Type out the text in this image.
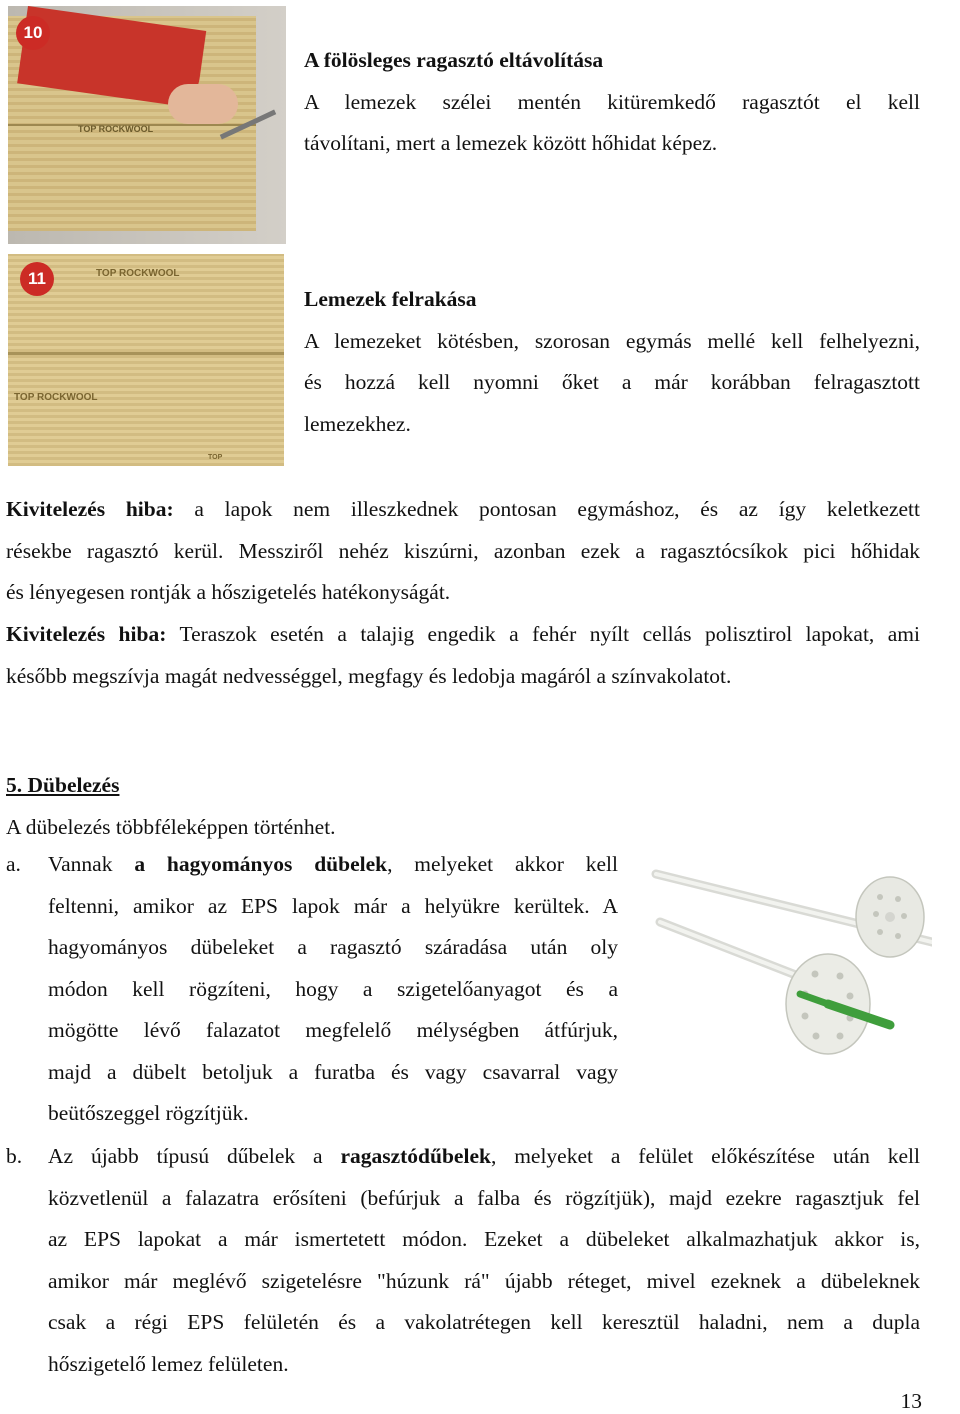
TOP ROCKWOOL
10
TOP ROCKWOOL
TOP ROCKWOOL
TOP
11
A fölösleges ragasztó eltávolítása
A lemezek szélei mentén kitüremkedő ragasztót el kell
távolítani, mert a lemezek között hőhidat képez.
Lemezek felrakása
A lemezeket kötésben, szorosan egymás mellé kell felhelyezni,
és hozzá kell nyomni őket a már korábban felragasztott
lemezekhez.
Kivitelezés hiba: a lapok nem illeszkednek pontosan egymáshoz, és az így keletkezett
résekbe ragasztó kerül. Messziről nehéz kiszúrni, azonban ezek a ragasztócsíkok pici hőhidak
és lényegesen rontják a hőszigetelés hatékonyságát.
Kivitelezés hiba: Teraszok esetén a talajig engedik a fehér nyílt cellás polisztirol lapokat, ami
később megszívja magát nedvességgel, megfagy és ledobja magáról a színvakolatot.
5. Dübelezés
A dübelezés többféleképpen történhet.
a. Vannak a hagyományos dübelek, melyeket akkor kell
feltenni, amikor az EPS lapok már a helyükre kerültek. A
hagyományos dübeleket a ragasztó száradása után oly
módon kell rögzíteni, hogy a szigetelőanyagot és a
mögötte lévő falazatot megfelelő mélységben átfúrjuk,
majd a dübelt betoljuk a furatba és vagy csavarral vagy
beütőszeggel rögzítjük.
b. Az újabb típusú dűbelek a ragasztódűbelek, melyeket a felület előkészítése után kell
közvetlenül a falazatra erősíteni (befúrjuk a falba és rögzítjük), majd ezekre ragasztjuk fel
az EPS lapokat a már ismertetett módon. Ezeket a dübeleket alkalmazhatjuk akkor is,
amikor már meglévő szigetelésre "húzunk rá" újabb réteget, mivel ezeknek a dübeleknek
csak a régi EPS felületén és a vakolatrétegen kell keresztül haladni, nem a dupla
hőszigetelő lemez felületen.
13
